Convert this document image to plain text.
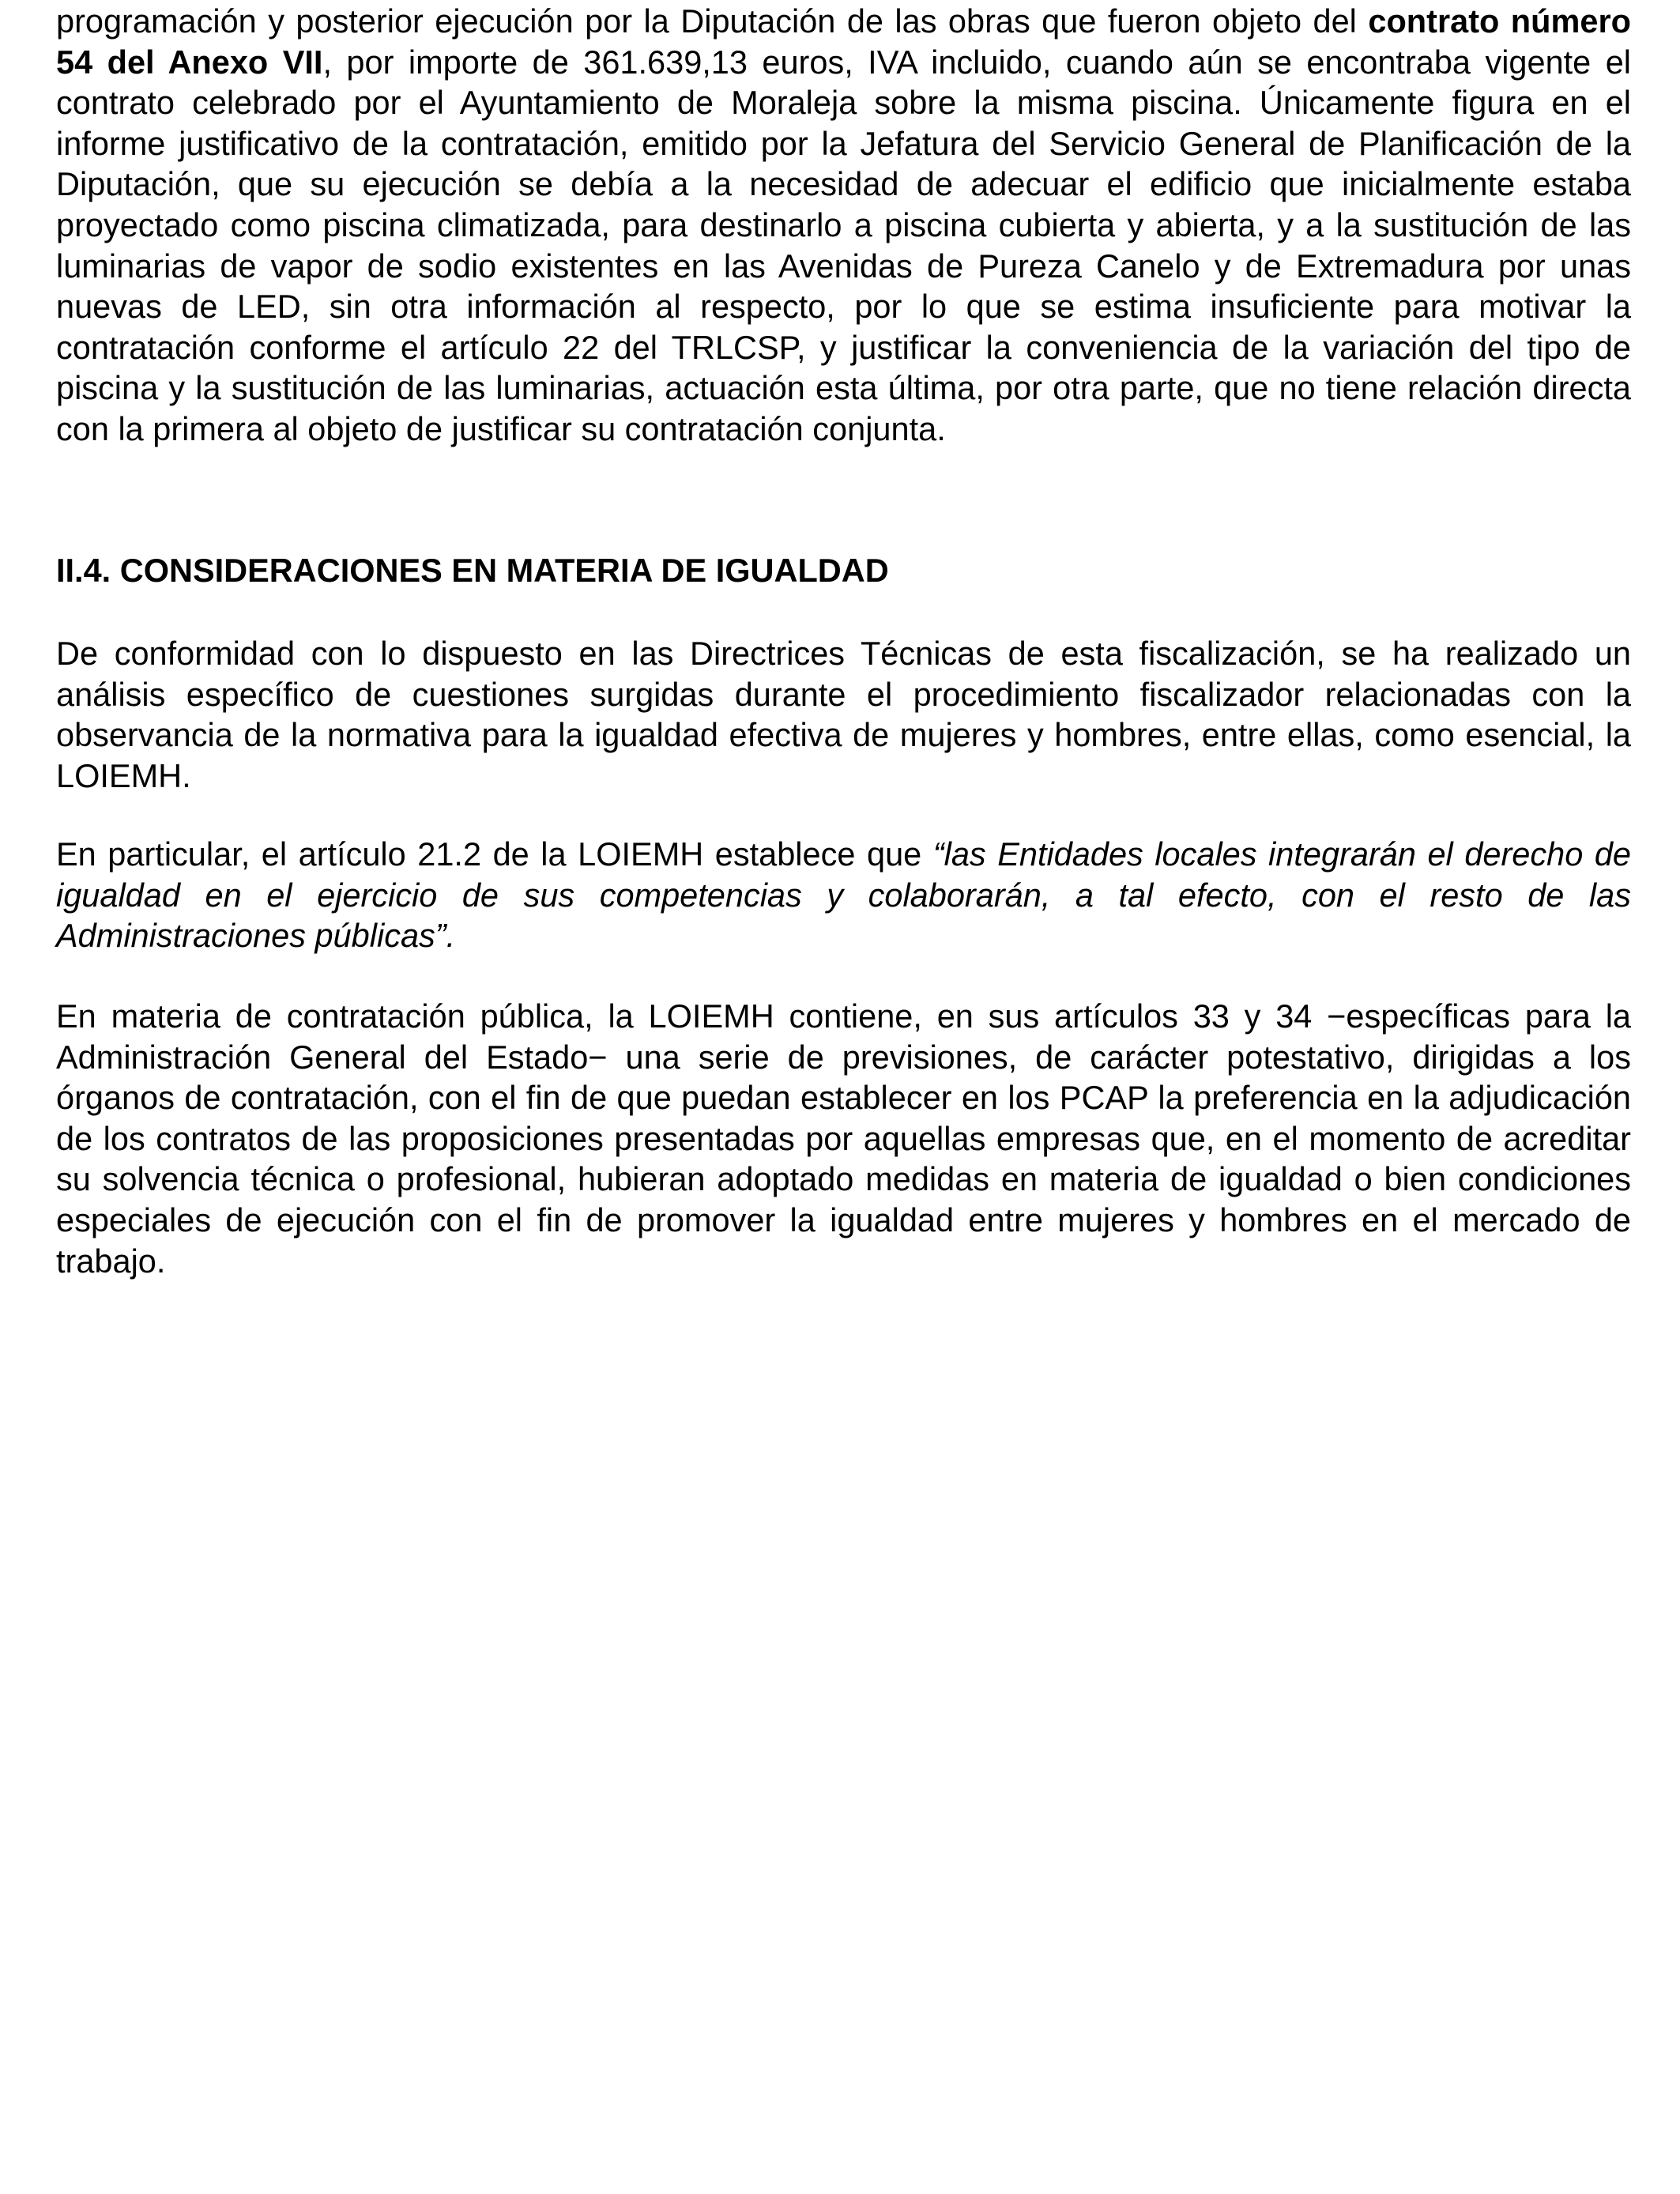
programación y posterior ejecución por la Diputación de las obras que fueron objeto del contrato número 54 del Anexo VII, por importe de 361.639,13 euros, IVA incluido, cuando aún se encontraba vigente el contrato celebrado por el Ayuntamiento de Moraleja sobre la misma piscina. Únicamente figura en el informe justificativo de la contratación, emitido por la Jefatura del Servicio General de Planificación de la Diputación, que su ejecución se debía a la necesidad de adecuar el edificio que inicialmente estaba proyectado como piscina climatizada, para destinarlo a piscina cubierta y abierta, y a la sustitución de las luminarias de vapor de sodio existentes en las Avenidas de Pureza Canelo y de Extremadura por unas nuevas de LED, sin otra información al respecto, por lo que se estima insuficiente para motivar la contratación conforme el artículo 22 del TRLCSP, y justificar la conveniencia de la variación del tipo de piscina y la sustitución de las luminarias, actuación esta última, por otra parte, que no tiene relación directa con la primera al objeto de justificar su contratación conjunta.

II.4. CONSIDERACIONES EN MATERIA DE IGUALDAD

De conformidad con lo dispuesto en las Directrices Técnicas de esta fiscalización, se ha realizado un análisis específico de cuestiones surgidas durante el procedimiento fiscalizador relacionadas con la observancia de la normativa para la igualdad efectiva de mujeres y hombres, entre ellas, como esencial, la LOIEMH.

En particular, el artículo 21.2 de la LOIEMH establece que “las Entidades locales integrarán el derecho de igualdad en el ejercicio de sus competencias y colaborarán, a tal efecto, con el resto de las Administraciones públicas”.

En materia de contratación pública, la LOIEMH contiene, en sus artículos 33 y 34 −específicas para la Administración General del Estado− una serie de previsiones, de carácter potestativo, dirigidas a los órganos de contratación, con el fin de que puedan establecer en los PCAP la preferencia en la adjudicación de los contratos de las proposiciones presentadas por aquellas empresas que, en el momento de acreditar su solvencia técnica o profesional, hubieran adoptado medidas en materia de igualdad o bien condiciones especiales de ejecución con el fin de promover la igualdad entre mujeres y hombres en el mercado de trabajo.
